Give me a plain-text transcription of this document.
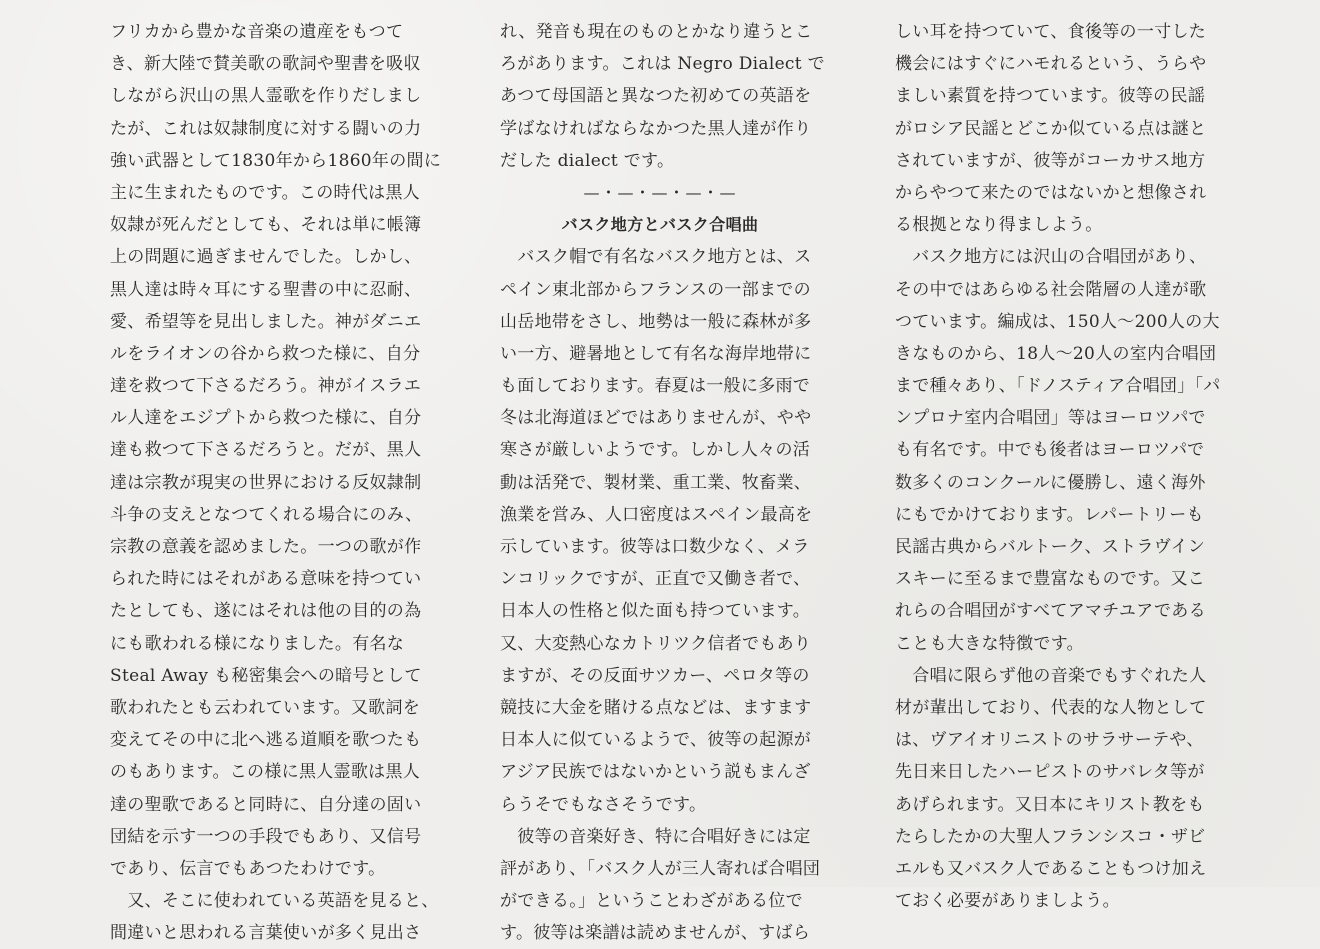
フリカから豊かな音楽の遺産をもつて
き、新大陸で賛美歌の歌詞や聖書を吸収
しながら沢山の黒人霊歌を作りだしまし
たが、これは奴隷制度に対する闘いの力
強い武器として1830年から1860年の間に
主に生まれたものです。この時代は黒人
奴隷が死んだとしても、それは単に帳簿
上の問題に過ぎませんでした。しかし、
黒人達は時々耳にする聖書の中に忍耐、
愛、希望等を見出しました。神がダニエ
ルをライオンの谷から救つた様に、自分
達を救つて下さるだろう。神がイスラエ
ル人達をエジプトから救つた様に、自分
達も救つて下さるだろうと。だが、黒人
達は宗教が現実の世界における反奴隷制
斗争の支えとなつてくれる場合にのみ、
宗教の意義を認めました。一つの歌が作
られた時にはそれがある意味を持つてい
たとしても、遂にはそれは他の目的の為
にも歌われる様になりました。有名な
Steal Away も秘密集会への暗号として
歌われたとも云われています。又歌詞を
変えてその中に北へ逃る道順を歌つたも
のもあります。この様に黒人霊歌は黒人
達の聖歌であると同時に、自分達の固い
団結を示す一つの手段でもあり、又信号
であり、伝言でもあつたわけです。
　又、そこに使われている英語を見ると、
間違いと思われる言葉使いが多く見出さ
れ、発音も現在のものとかなり違うとこ
ろがあります。これは Negro Dialect で
あつて母国語と異なつた初めての英語を
学ばなければならなかつた黒人達が作り
だした dialect です。
—・—・—・—・—
バスク地方とバスク合唱曲
　バスク帽で有名なバスク地方とは、ス
ペイン東北部からフランスの一部までの
山岳地帯をさし、地勢は一般に森林が多
い一方、避暑地として有名な海岸地帯に
も面しております。春夏は一般に多雨で
冬は北海道ほどではありませんが、やや
寒さが厳しいようです。しかし人々の活
動は活発で、製材業、重工業、牧畜業、
漁業を営み、人口密度はスペイン最高を
示しています。彼等は口数少なく、メラ
ンコリックですが、正直で又働き者で、
日本人の性格と似た面も持つています。
又、大変熱心なカトリツク信者でもあり
ますが、その反面サツカー、ペロタ等の
競技に大金を賭ける点などは、ますます
日本人に似ているようで、彼等の起源が
アジア民族ではないかという説もまんざ
らうそでもなさそうです。
　彼等の音楽好き、特に合唱好きには定
評があり、「バスク人が三人寄れば合唱団
ができる。」ということわざがある位で
す。彼等は楽譜は読めませんが、すばら
しい耳を持つていて、食後等の一寸した
機会にはすぐにハモれるという、うらや
ましい素質を持つています。彼等の民謡
がロシア民謡とどこか似ている点は謎と
されていますが、彼等がコーカサス地方
からやつて来たのではないかと想像され
る根拠となり得ましよう。
　バスク地方には沢山の合唱団があり、
その中ではあらゆる社会階層の人達が歌
つています。編成は、150人〜200人の大
きなものから、18人〜20人の室内合唱団
まで種々あり、「ドノスティア合唱団」「パ
ンプロナ室内合唱団」等はヨーロツパで
も有名です。中でも後者はヨーロツパで
数多くのコンクールに優勝し、遠く海外
にもでかけております。レパートリーも
民謡古典からバルトーク、ストラヴイン
スキーに至るまで豊富なものです。又こ
れらの合唱団がすべてアマチユアである
ことも大きな特徴です。
　合唱に限らず他の音楽でもすぐれた人
材が輩出しており、代表的な人物として
は、ヴアイオリニストのサラサーテや、
先日来日したハーピストのサバレタ等が
あげられます。又日本にキリスト教をも
たらしたかの大聖人フランシスコ・ザビ
エルも又バスク人であることもつけ加え
ておく必要がありましよう。
